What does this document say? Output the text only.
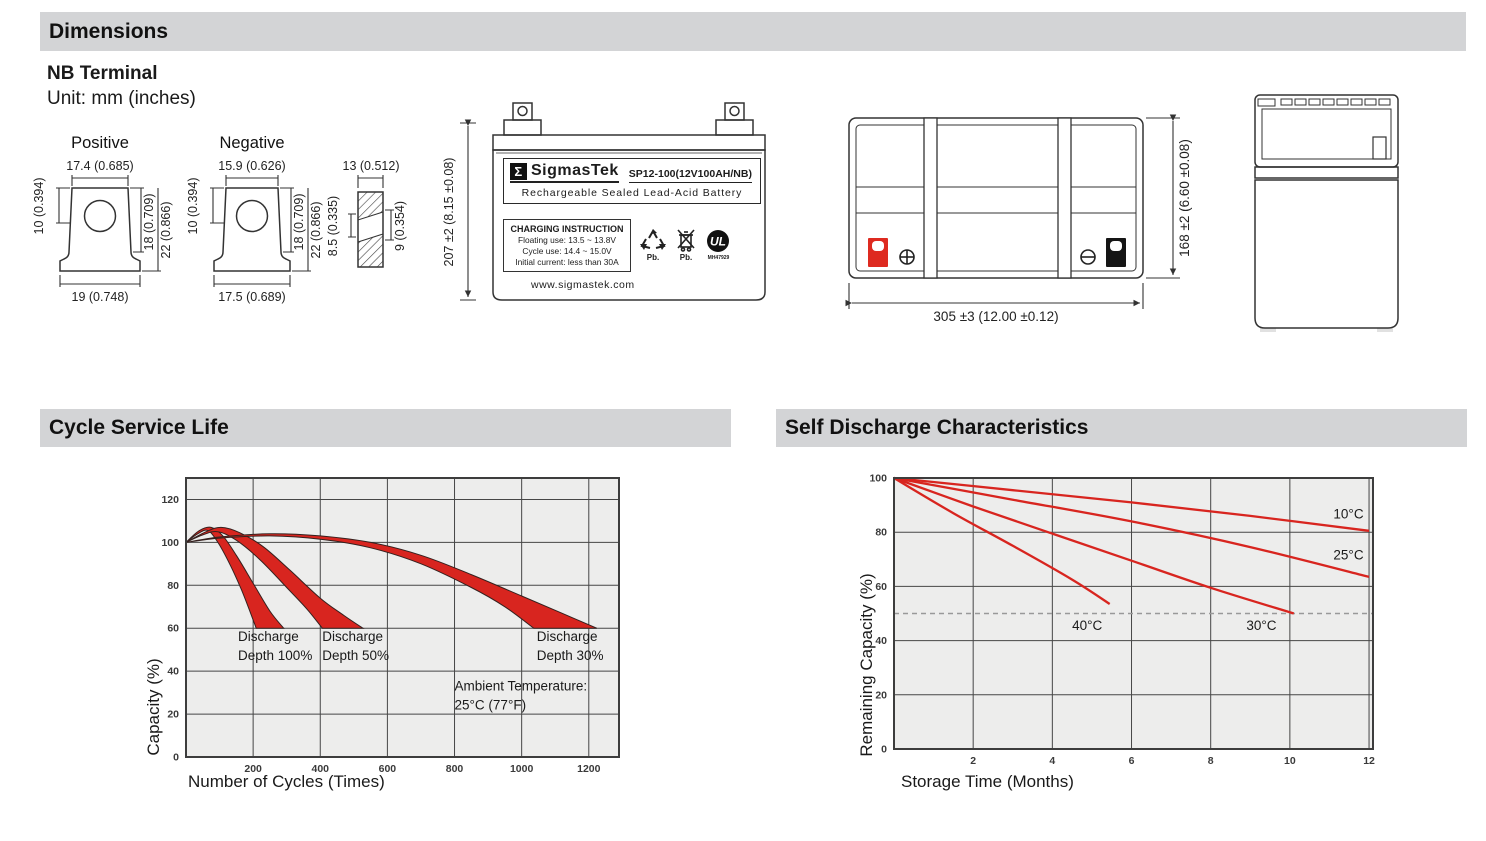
Dimensions
NB Terminal
Unit: mm (inches)
Positive
17.4 (0.685)
19 (0.748)
10 (0.394)	18 (0.709) 22 (0.866)
Negative
15.9 (0.626)
17.5 (0.689)
10 (0.394)	18 (0.709) 22 (0.866)
13 (0.512)
8.5 (0.335)	9 (0.354)	207 ±2 (8.15 ±0.08)	Σ SigmasTek SP12-100(12V100AH/NB)
Rechargeable Sealed Lead-Acid Battery
CHARGING INSTRUCTION
Floating use: 13.5 ~ 13.8V
Cycle use: 14.4 ~ 15.0V
Initial current: less than 30A	Pb.	Pb.
UL
MH47929
www.sigmastek.com
305 ±3 (12.00 ±0.12)
168 ±2 (6.60 ±0.08)
Cycle Service Life	Self Discharge Characteristics
0
20
40
60
80
100
120
200	400	600	800	1000	1200
Discharge
Depth 100%
Discharge
Depth 50%
Discharge
Depth 30%
Ambient Temperature:
25°C (77°F)
Capacity (%)
Number of Cycles (Times)
10°C
25°C
30°C
40°C
0
20
40
60
80
100
2	4	6	8	10	12
Remaining Capacity (%)
Storage Time (Months)
